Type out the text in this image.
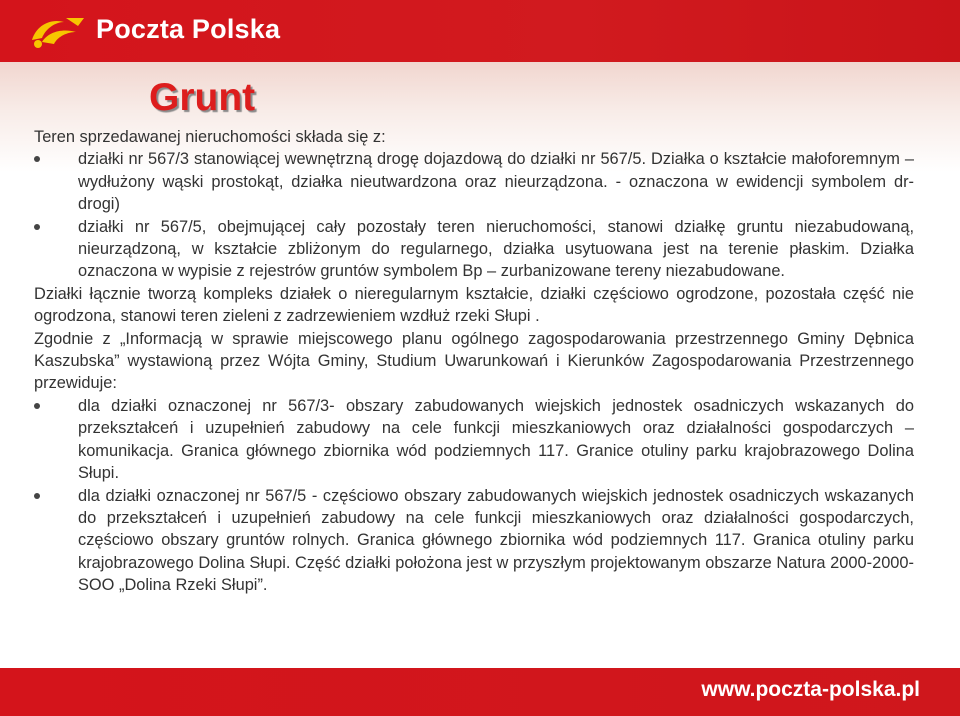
Poczta Polska
Grunt

Teren sprzedawanej nieruchomości składa się z:

działki nr 567/3 stanowiącej wewnętrzną drogę dojazdową do działki nr 567/5. Działka o kształcie małoforemnym – wydłużony wąski prostokąt, działka nieutwardzona oraz nieurządzona. - oznaczona w ewidencji symbolem dr- drogi)
działki nr 567/5, obejmującej cały pozostały teren nieruchomości, stanowi działkę gruntu niezabudowaną, nieurządzoną, w kształcie zbliżonym do regularnego, działka usytuowana jest na terenie płaskim. Działka oznaczona w wypisie z rejestrów gruntów symbolem Bp – zurbanizowane tereny niezabudowane.

Działki łącznie tworzą kompleks działek o nieregularnym kształcie, działki częściowo ogrodzone, pozostała część nie ogrodzona, stanowi teren zieleni z zadrzewieniem wzdłuż rzeki Słupi .

Zgodnie z „Informacją w sprawie miejscowego planu ogólnego zagospodarowania przestrzennego Gminy Dębnica Kaszubska” wystawioną przez Wójta Gminy, Studium Uwarunkowań i Kierunków Zagospodarowania Przestrzennego przewiduje:

dla działki oznaczonej nr 567/3- obszary zabudowanych wiejskich jednostek osadniczych wskazanych do przekształceń i uzupełnień zabudowy na cele funkcji mieszkaniowych oraz działalności gospodarczych – komunikacja. Granica głównego zbiornika wód podziemnych 117. Granice otuliny parku krajobrazowego Dolina Słupi.
dla działki oznaczonej nr 567/5 - częściowo obszary zabudowanych wiejskich jednostek osadniczych wskazanych do przekształceń i uzupełnień zabudowy na cele funkcji mieszkaniowych oraz działalności gospodarczych, częściowo obszary gruntów rolnych. Granica głównego zbiornika wód podziemnych 117. Granica otuliny parku krajobrazowego Dolina Słupi. Część działki położona jest w przyszłym projektowanym obszarze Natura 2000-2000-SOO „Dolina Rzeki Słupi”.
www.poczta-polska.pl
